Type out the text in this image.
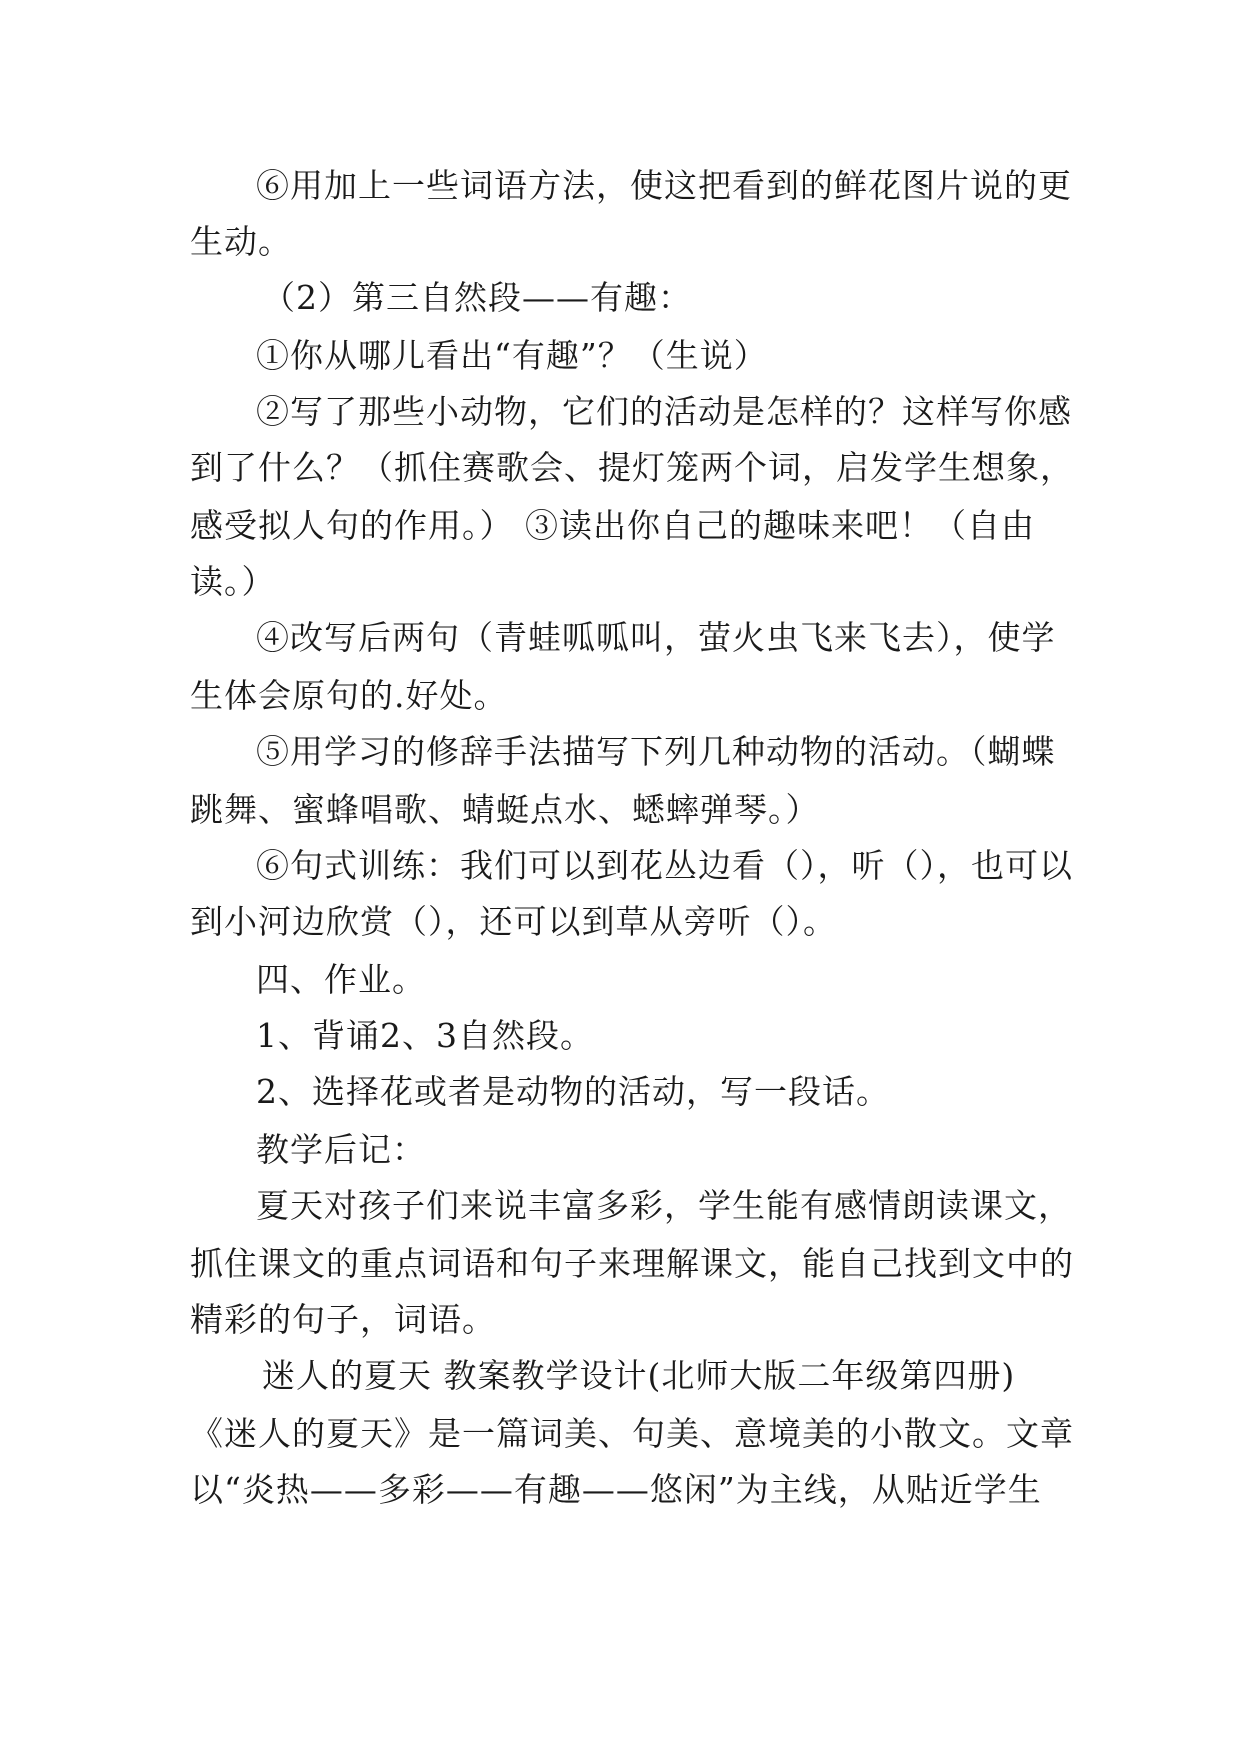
⑥用加上一些词语方法，使这把看到的鲜花图片说的更
生动。
（2）第三自然段——有趣：
①你从哪儿看出“有趣”？（生说）
②写了那些小动物，它们的活动是怎样的？这样写你感
到了什么？（抓住赛歌会、提灯笼两个词，启发学生想象，
感受拟人句的作用。） ③读出你自己的趣味来吧！（自由
读。）
④改写后两句（青蛙呱呱叫，萤火虫飞来飞去），使学
生体会原句的.好处。
⑤用学习的修辞手法描写下列几种动物的活动。（蝴蝶
跳舞、蜜蜂唱歌、蜻蜓点水、蟋蟀弹琴。）
⑥句式训练：我们可以到花丛边看（），听（），也可以
到小河边欣赏（），还可以到草从旁听（）。
四、作业。
1、背诵2、3自然段。
2、选择花或者是动物的活动，写一段话。
教学后记：
夏天对孩子们来说丰富多彩，学生能有感情朗读课文，
抓住课文的重点词语和句子来理解课文，能自己找到文中的
精彩的句子，词语。
迷人的夏天 教案教学设计(北师大版二年级第四册)
《迷人的夏天》是一篇词美、句美、意境美的小散文。文章
以“炎热——多彩——有趣——悠闲”为主线，从贴近学生
